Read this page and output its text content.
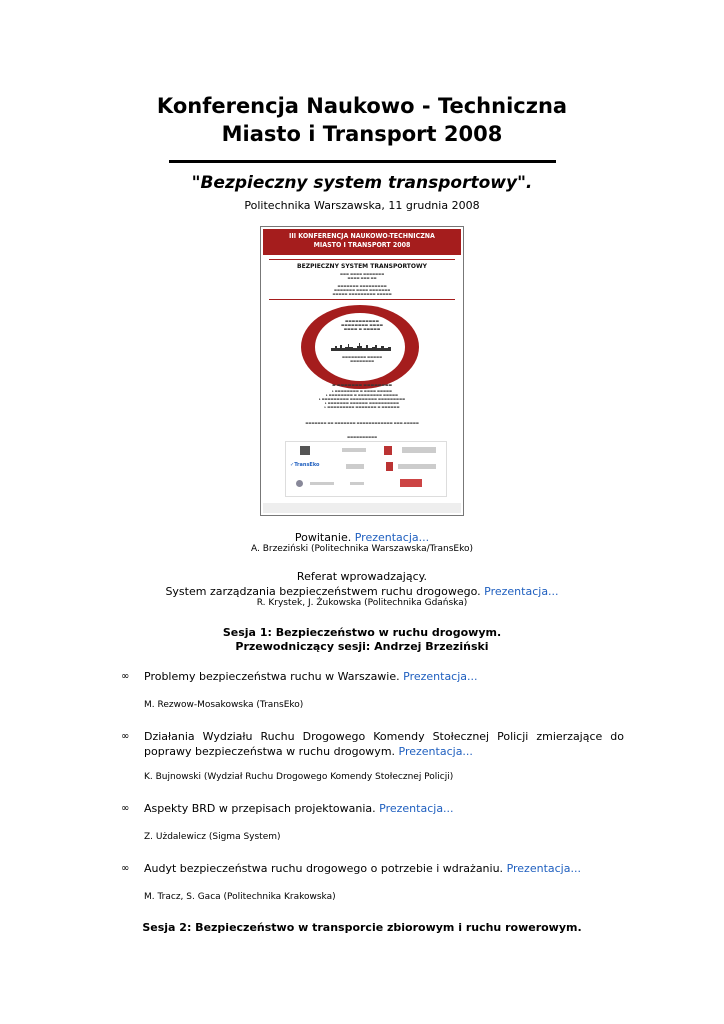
Konferencja Naukowo - Techniczna
Miasto i Transport 2008
"Bezpieczny system transportowy".
Politechnika Warszawska, 11 grudnia 2008
III KONFERENCJA NAUKOWO-TECHNICZNA
MIASTO I TRANSPORT 2008
BEZPIECZNY SYSTEM TRANSPORTOWY
▬▬▬ ▬▬▬▬ ▬▬▬▬▬▬▬
▬▬▬▬ ▬▬▬ ▬▬
▬▬▬▬▬▬▬ ▬▬▬▬▬▬▬▬▬
▬▬▬▬▬▬▬ ▬▬▬▬ ▬▬▬▬▬▬▬
▬▬▬▬▬ ▬▬▬▬▬▬▬▬▬ ▬▬▬▬▬
▬▬▬▬▬▬▬▬▬▬
▬▬▬▬▬▬▬▬ ▬▬▬▬
▬▬▬▬ ▬ ▬▬▬▬▬
▬▬▬▬▬▬▬▬ ▬▬▬▬▬
▬▬▬▬▬▬▬▬
▬ ▬▬▬▬▬▬▬ ▬▬▬▬▬▬▬▬
▸ ▬▬▬▬▬▬▬▬ ▬ ▬▬▬▬ ▬▬▬▬▬
▸ ▬▬▬▬▬▬▬▬ ▬ ▬▬▬▬▬▬▬▬ ▬▬▬▬▬
▸ ▬▬▬▬▬▬▬▬▬ ▬▬▬▬▬▬▬▬▬ ▬▬▬▬▬▬▬▬▬
▸ ▬▬▬▬▬▬▬ ▬▬▬▬▬▬ ▬▬▬▬▬▬▬▬▬▬
▸ ▬▬▬▬▬▬▬▬▬ ▬▬▬▬▬▬▬ ▬ ▬▬▬▬▬▬
▬▬▬▬▬▬▬ ▬▬ ▬▬▬▬▬▬▬ ▬▬▬▬▬▬▬▬▬▬▬▬ ▬▬▬.▬▬▬▬▬
▬▬▬▬▬▬▬▬▬▬
✓TransEko
Powitanie. Prezentacja...
A. Brzeziński (Politechnika Warszawska/TransEko)
Referat wprowadzający.
System zarządzania bezpieczeństwem ruchu drogowego. Prezentacja...
R. Krystek, J. Żukowska (Politechnika Gdańska)
Sesja 1: Bezpieczeństwo w ruchu drogowym.
Przewodniczący sesji: Andrzej Brzeziński
∞ Problemy bezpieczeństwa ruchu w Warszawie. Prezentacja...
M. Rezwow-Mosakowska (TransEko)
∞ Działania Wydziału Ruchu Drogowego Komendy Stołecznej Policji zmierzające do poprawy bezpieczeństwa w ruchu drogowym. Prezentacja...
K. Bujnowski (Wydział Ruchu Drogowego Komendy Stołecznej Policji)
∞ Aspekty BRD w przepisach projektowania. Prezentacja...
Z. Użdalewicz (Sigma System)
∞ Audyt bezpieczeństwa ruchu drogowego o potrzebie i wdrażaniu. Prezentacja...
M. Tracz, S. Gaca (Politechnika Krakowska)
Sesja 2: Bezpieczeństwo w transporcie zbiorowym i ruchu rowerowym.
